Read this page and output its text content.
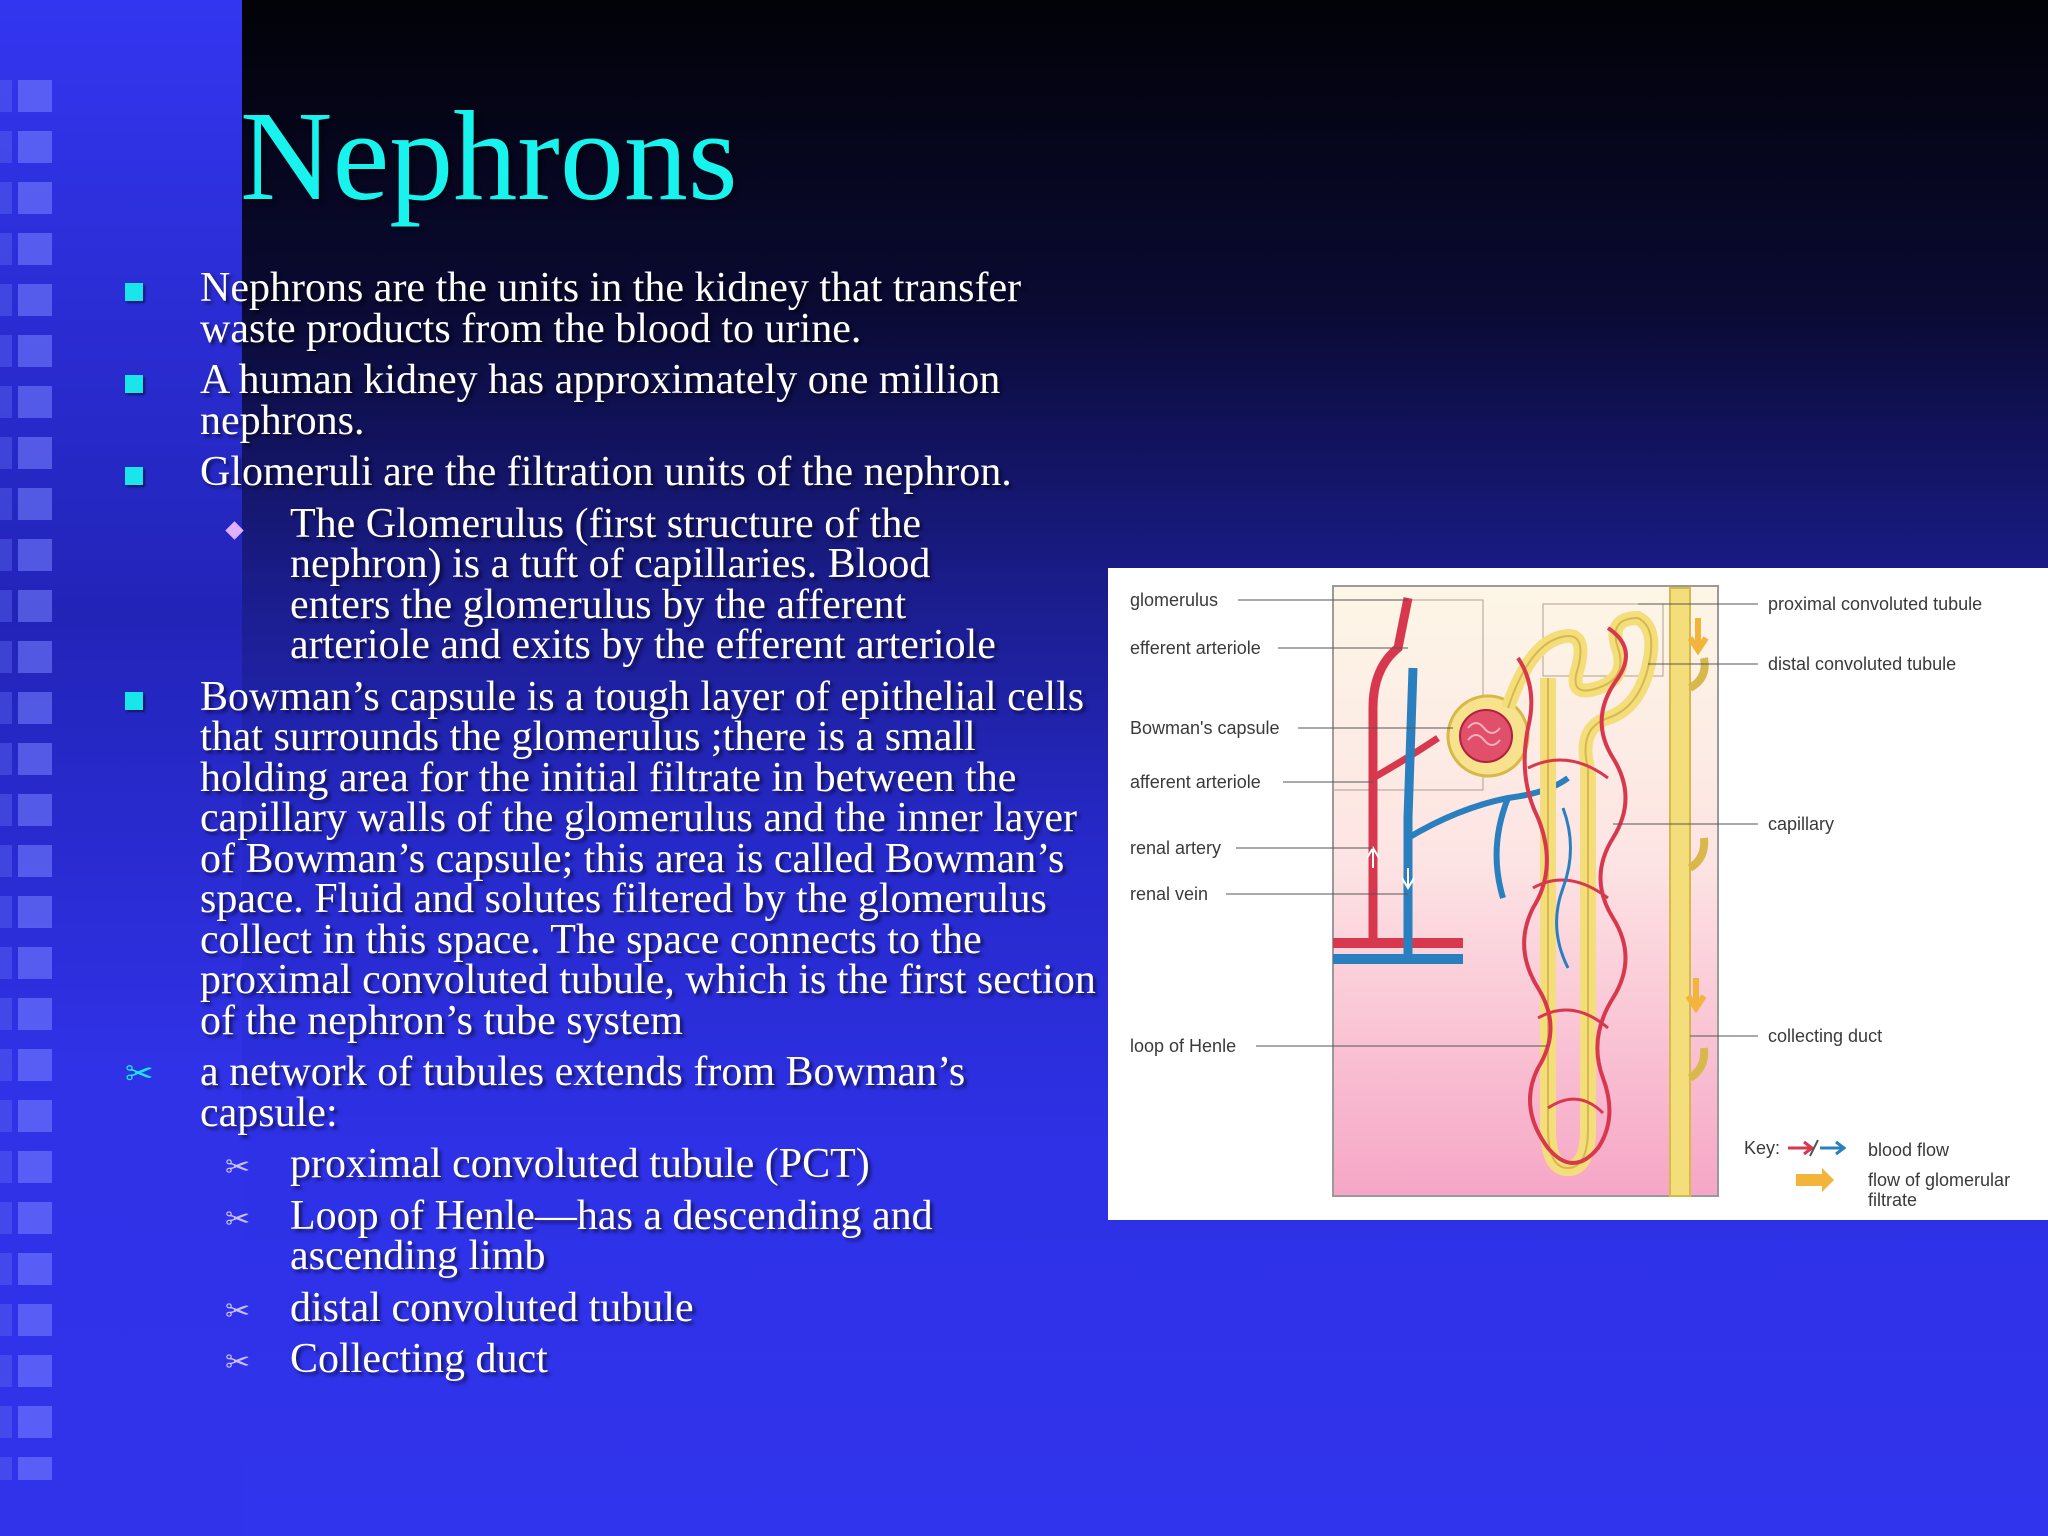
Nephrons
Nephrons are the units in the kidney that transfer waste products from the blood to urine.
A human kidney has approximately one million nephrons.
Glomeruli are the filtration units of the nephron.
The Glomerulus (first structure of the nephron) is a tuft of capillaries. Blood enters the glomerulus by the afferent arteriole and exits by the efferent arteriole
Bowman’s capsule is a tough layer of epithelial cells that surrounds the glomerulus ;there is a small holding area for the initial filtrate in between the capillary walls of the glomerulus and the inner layer of Bowman’s capsule; this area is called Bowman’s space. Fluid and solutes filtered by the glomerulus collect in this space. The space connects to the proximal convoluted tubule, which is the first section of the nephron’s tube system
✂ a network of tubules extends from Bowman’s capsule:
✂ proximal convoluted tubule (PCT)
✂ Loop of Henle—has a descending and ascending limb
✂ distal convoluted tubule
✂ Collecting duct
glomerulus
efferent arteriole
Bowman's capsule
afferent arteriole
renal artery
renal vein
loop of Henle
proximal convoluted tubule
distal convoluted tubule
capillary
collecting duct
Key:	blood flow
flow of glomerular
filtrate
